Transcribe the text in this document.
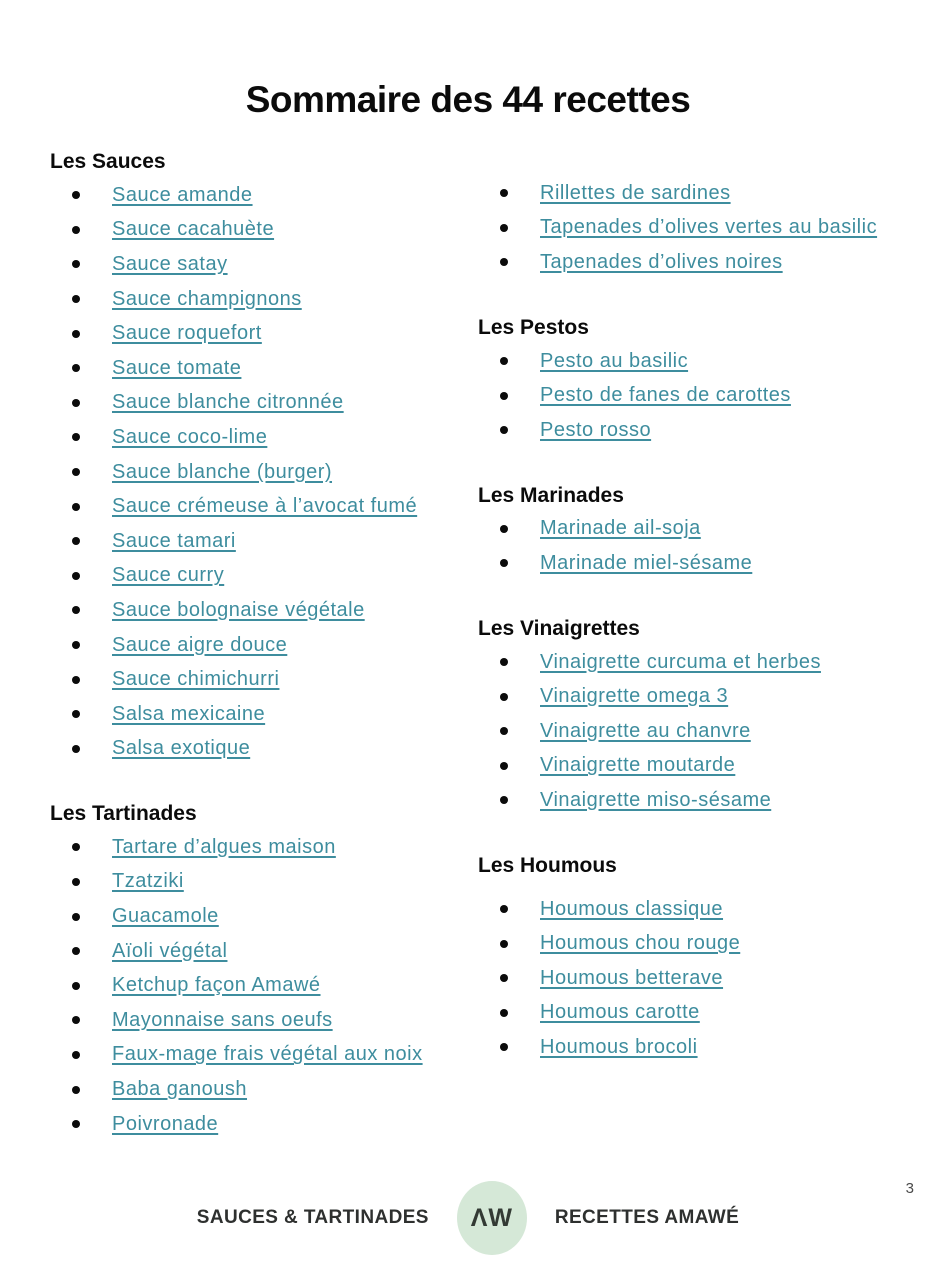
Sommaire des 44 recettes
Les Sauces
Sauce amande
Sauce cacahuète
Sauce satay
Sauce champignons
Sauce roquefort
Sauce tomate
Sauce blanche citronnée
Sauce coco-lime
Sauce blanche (burger)
Sauce crémeuse à l’avocat fumé
Sauce tamari
Sauce curry
Sauce bolognaise végétale
Sauce aigre douce
Sauce chimichurri
Salsa mexicaine
Salsa exotique
Les Tartinades
Tartare d’algues maison
Tzatziki
Guacamole
Aïoli végétal
Ketchup façon Amawé
Mayonnaise sans oeufs
Faux-mage frais végétal aux noix
Baba ganoush
Poivronade
Rillettes de sardines
Tapenades d’olives vertes au basilic
Tapenades d’olives noires
Les Pestos
Pesto au basilic
Pesto de fanes de carottes
Pesto rosso
Les Marinades
Marinade ail-soja
Marinade miel-sésame
Les Vinaigrettes
Vinaigrette curcuma et herbes
Vinaigrette omega 3
Vinaigrette au chanvre
Vinaigrette moutarde
Vinaigrette miso-sésame
Les Houmous
Houmous classique
Houmous chou rouge
Houmous betterave
Houmous carotte
Houmous brocoli
SAUCES & TARTINADES ΛW RECETTES AMAWÉ
3
